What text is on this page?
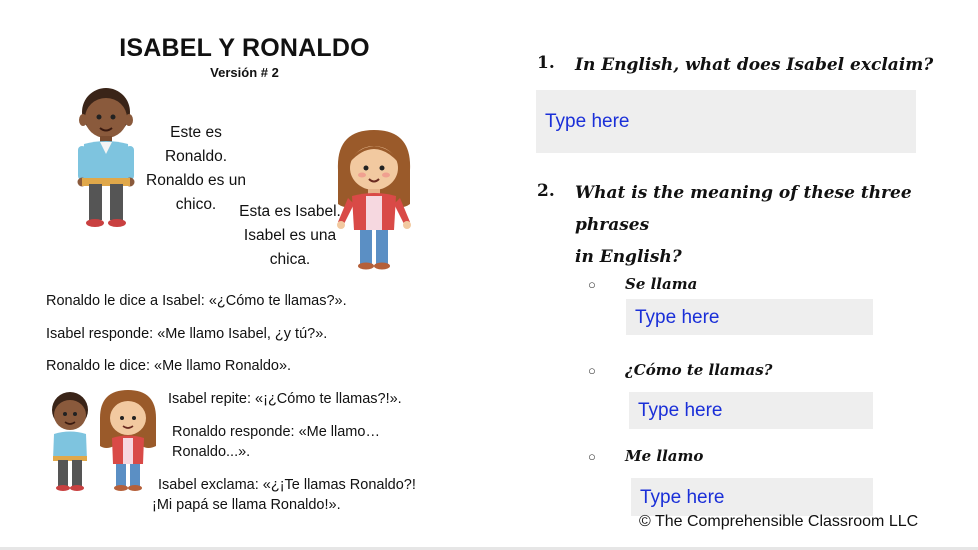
ISABEL Y RONALDO
Versión # 2
Este es
Ronaldo.
Ronaldo es un
chico.	Esta es Isabel.
Isabel es una
chica.
Ronaldo le dice a Isabel: «¿Cómo te llamas?».
Isabel responde: «Me llamo Isabel, ¿y tú?».
Ronaldo le dice: «Me llamo Ronaldo».
Isabel repite: «¡¿Cómo te llamas?!».
Ronaldo responde: «Me llamo…
Ronaldo...».
Isabel exclama: «¿¡Te llamas Ronaldo?!
¡Mi papá se llama Ronaldo!».
1. In English, what does Isabel exclaim?
Type here
2. What is the meaning of these three phrases
in English?
○ Se llama
Type here
○ ¿Cómo te llamas?
Type here
○ Me llamo
Type here
© The Comprehensible Classroom LLC
